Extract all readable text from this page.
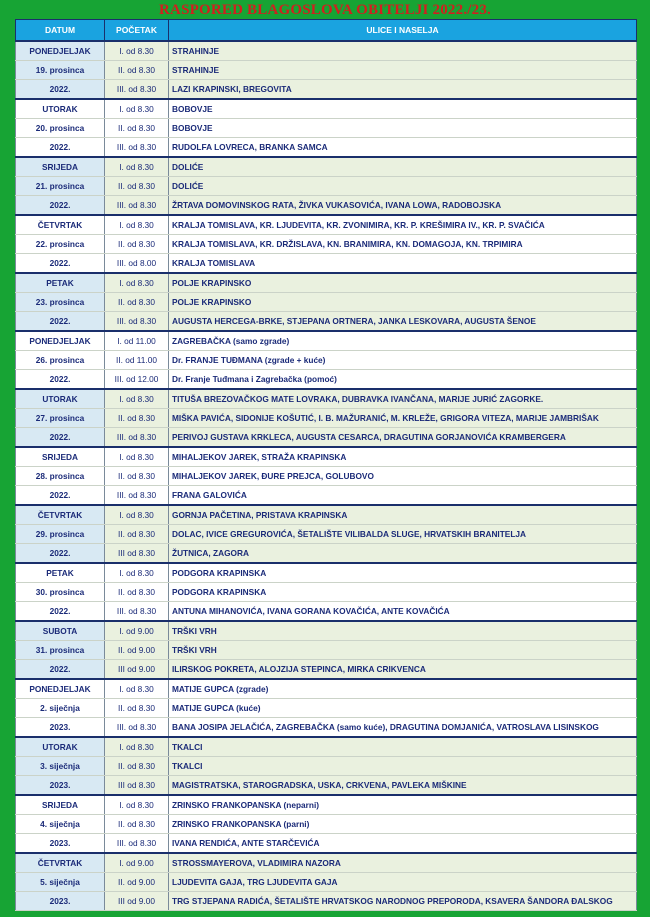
RASPORED BLAGOSLOVA OBITELJI 2022./23.
DATUM	POČETAK	ULICE I NASELJA
PONEDJELJAK	I. od 8.30	STRAHINJE
19. prosinca	II. od 8.30	STRAHINJE
2022.	III. od 8.30	LAZI KRAPINSKI, BREGOVITA
UTORAK	I. od 8.30	BOBOVJE
20. prosinca	II. od 8.30	BOBOVJE
2022.	III. od 8.30	RUDOLFA LOVRECA, BRANKA SAMCA
SRIJEDA	I. od 8.30	DOLIĆE
21. prosinca	II. od 8.30	DOLIĆE
2022.	III. od 8.30	ŽRTAVA DOMOVINSKOG RATA, ŽIVKA VUKASOVIĆA, IVANA LOWA, RADOBOJSKA
ČETVRTAK	I. od 8.30	KRALJA TOMISLAVA, KR. LJUDEVITA, KR. ZVONIMIRA, KR. P. KREŠIMIRA IV., KR. P. SVAČIĆA
22. prosinca	II. od 8.30	KRALJA TOMISLAVA, KR. DRŽISLAVA, KN. BRANIMIRA, KN. DOMAGOJA, KN. TRPIMIRA
2022.	III. od 8.00	KRALJA TOMISLAVA
PETAK	I. od 8.30	POLJE KRAPINSKO
23. prosinca	II. od 8.30	POLJE KRAPINSKO
2022.	III. od 8.30	AUGUSTA HERCEGA-BRKE, STJEPANA ORTNERA, JANKA LESKOVARA, AUGUSTA ŠENOE
PONEDJELJAK	I. od 11.00	ZAGREBAČKA (samo zgrade)
26. prosinca	II. od 11.00	Dr. FRANJE TUĐMANA (zgrade + kuće)
2022.	III. od 12.00	Dr. Franje Tuđmana i Zagrebačka (pomoć)
UTORAK	I. od 8.30	TITUŠA BREZOVAČKOG MATE LOVRAKA, DUBRAVKA IVANČANA, MARIJE JURIĆ ZAGORKE.
27. prosinca	II. od 8.30	MIŠKA PAVIĆA, SIDONIJE KOŠUTIĆ, I. B. MAŽURANIĆ, M. KRLEŽE, GRIGORA VITEZA, MARIJE JAMBRIŠAK
2022.	III. od 8.30	PERIVOJ GUSTAVA KRKLECA, AUGUSTA CESARCA, DRAGUTINA GORJANOVIĆA KRAMBERGERA
SRIJEDA	I. od 8.30	MIHALJEKOV JAREK, STRAŽA KRAPINSKA
28. prosinca	II. od 8.30	MIHALJEKOV JAREK, ĐURE PREJCA, GOLUBOVO
2022.	III. od 8.30	FRANA GALOVIĆA
ČETVRTAK	I. od 8.30	GORNJA PAČETINA, PRISTAVA KRAPINSKA
29. prosinca	II. od 8.30	DOLAC, IVICE GREGUROVIĆA, ŠETALIŠTE VILIBALDA SLUGE, HRVATSKIH BRANITELJA
2022.	III od 8.30	ŽUTNICA, ZAGORA
PETAK	I. od 8.30	PODGORA KRAPINSKA
30. prosinca	II. od 8.30	PODGORA KRAPINSKA
2022.	III. od 8.30	ANTUNA MIHANOVIĆA, IVANA GORANA KOVAČIĆA, ANTE KOVAČIĆA
SUBOTA	I. od 9.00	TRŠKI VRH
31. prosinca	II. od 9.00	TRŠKI VRH
2022.	III od 9.00	ILIRSKOG POKRETA, ALOJZIJA STEPINCA, MIRKA CRIKVENCA
PONEDJELJAK	I. od 8.30	MATIJE GUPCA (zgrade)
2. siječnja	II. od 8.30	MATIJE GUPCA (kuće)
2023.	III. od 8.30	BANA JOSIPA JELAČIĆA, ZAGREBAČKA (samo kuće), DRAGUTINA DOMJANIĆA, VATROSLAVA LISINSKOG
UTORAK	I. od 8.30	TKALCI
3. siječnja	II. od 8.30	TKALCI
2023.	III od 8.30	MAGISTRATSKA, STAROGRADSKA, USKA, CRKVENA, PAVLEKA MIŠKINE
SRIJEDA	I. od 8.30	ZRINSKO FRANKOPANSKA (neparni)
4. siječnja	II. od 8.30	ZRINSKO FRANKOPANSKA (parni)
2023.	III. od 8.30	IVANA RENDIĆA, ANTE STARČEVIĆA
ČETVRTAK	I. od 9.00	STROSSMAYEROVA, VLADIMIRA NAZORA
5. siječnja	II. od 9.00	LJUDEVITA GAJA, TRG LJUDEVITA GAJA
2023.	III od 9.00	TRG STJEPANA RADIĆA, ŠETALIŠTE HRVATSKOG NARODNOG PREPORODA, KSAVERA ŠANDORA ĐALSKOG
